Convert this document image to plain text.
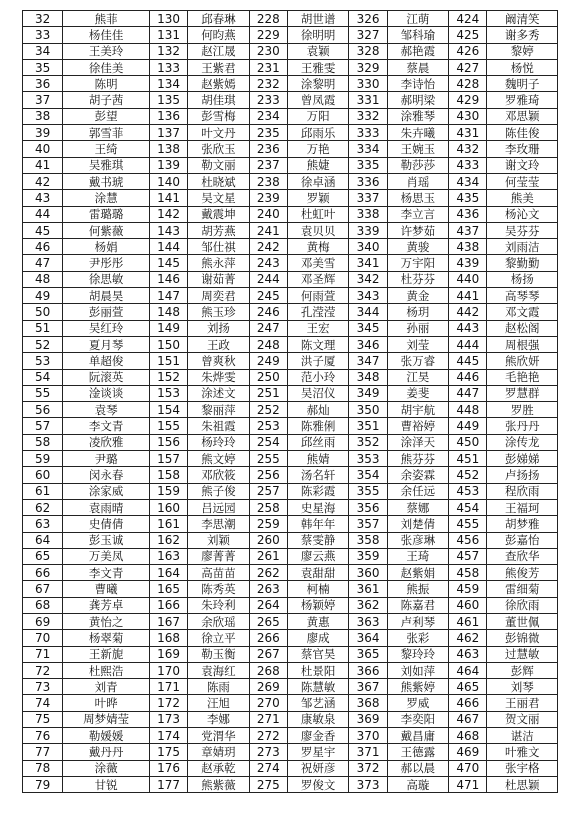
32	熊菲	130	邱春琳	228	胡世谱	326	江萌	424	阚清笑
33	杨佳佳	131	何昀燕	229	徐明明	327	邹科瑜	425	谢多秀
34	王美玲	132	赵江晟	230	袁颖	328	郝艳霞	426	黎婷
35	徐佳美	133	王紫君	231	王雅雯	329	蔡晨	427	杨悦
36	陈明	134	赵紫嫣	232	涂黎明	330	李诗怡	428	魏明子
37	胡子茜	135	胡佳琪	233	曾凤霞	331	郝明梁	429	罗雅琦
38	彭望	136	彭雪梅	234	万阳	332	涂雅琴	430	邓思颖
39	郭雪菲	137	叶文丹	235	邱雨乐	333	朱卉曦	431	陈佳俊
40	王绮	138	张欣玉	236	万艳	334	王婉玉	432	李玫珊
41	吴雅琪	139	勒文丽	237	熊婕	335	勒莎莎	433	谢文玲
42	戴书琥	140	杜晓斌	238	徐卓涵	336	肖瑶	434	何莹莹
43	涂慧	141	吴文星	239	罗颖	337	杨思玉	435	熊美
44	雷璐璐	142	戴震坤	240	杜虹叶	338	李立言	436	杨沁文
45	何紫薇	143	胡芳燕	241	袁贝贝	339	许梦茹	437	吴芬芬
46	杨娟	144	邹仕祺	242	黄梅	340	黄骏	438	刘雨洁
47	尹彤彤	145	熊永萍	243	邓美雪	341	万宇阳	439	黎勤勤
48	徐思敏	146	谢茹菁	244	邓圣辉	342	杜芬芬	440	杨扬
49	胡晨昊	147	周奕君	245	何雨萱	343	黄金	441	高琴琴
50	彭丽萱	148	熊玉珍	246	孔滢滢	344	杨玥	442	邓文霞
51	吴红玲	149	刘扬	247	王宏	345	孙丽	443	赵松阁
52	夏月琴	150	王政	248	陈文理	346	刘莹	444	周根强
53	单超俊	151	曾爽秋	249	洪子厦	347	张万睿	445	熊欣妍
54	阮滚英	152	朱烨雯	250	范小玲	348	江昊	446	毛艳艳
55	淦谈谈	153	涂述文	251	吴沼仪	349	姜斐	447	罗慧群
56	袁琴	154	黎丽萍	252	郝灿	350	胡宇航	448	罗胜
57	李文青	155	朱祖霞	253	陈雅俐	351	曹裕婷	449	张丹丹
58	凌欣雅	156	杨玲玲	254	邱丝雨	352	涂泽天	450	涂传龙
59	尹璐	157	熊文婷	255	熊婧	353	熊芬芬	451	彭娣娣
60	闵永春	158	邓欣筱	256	汤名轩	354	余姿霖	452	卢扬扬
61	涂家威	159	熊子俊	257	陈彩霞	355	余任远	453	程欣雨
62	袁雨晴	160	吕远园	258	史星海	356	蔡娜	454	王福珂
63	史倩倩	161	李思潮	259	韩年年	357	刘楚倩	455	胡梦雅
64	彭玉诚	162	刘颖	260	蔡雯静	358	张彦琳	456	彭嘉怡
65	万美凤	163	廖菁菁	261	廖云燕	359	王琦	457	查欣华
66	李文青	164	高苗苗	262	袁甜甜	360	赵紫娟	458	熊俊芳
67	曹曦	165	陈秀英	263	柯楠	361	熊振	459	雷细菊
68	龚芳卓	166	朱玲利	264	杨颖婷	362	陈嘉君	460	徐欣雨
69	黄怡之	167	余欣瑶	265	黄惠	363	卢利琴	461	董世佩
70	杨翠菊	168	徐立平	266	廖成	364	张彩	462	彭锦微
71	王新旎	169	勒玉衡	267	蔡官昊	365	黎玲玲	463	过慧敏
72	杜熙浩	170	袁海红	268	杜景阳	366	刘如萍	464	彭辉
73	刘青	171	陈雨	269	陈慧敏	367	熊紫婷	465	刘琴
74	叶晔	172	汪旭	270	邹艺涵	368	罗威	466	王丽君
75	周梦婧莹	173	李娜	271	康敏泉	369	李奕阳	467	贺文丽
76	勒媛媛	174	党渭华	272	廖金香	370	戴昌庸	468	谌洁
77	戴丹丹	175	章婧玥	273	罗星宇	371	王德露	469	叶雅文
78	涂薇	176	赵承乾	274	祝妍彦	372	郝以晨	470	张宇格
79	甘锐	177	熊紫薇	275	罗俊文	373	高璇	471	杜思颖
